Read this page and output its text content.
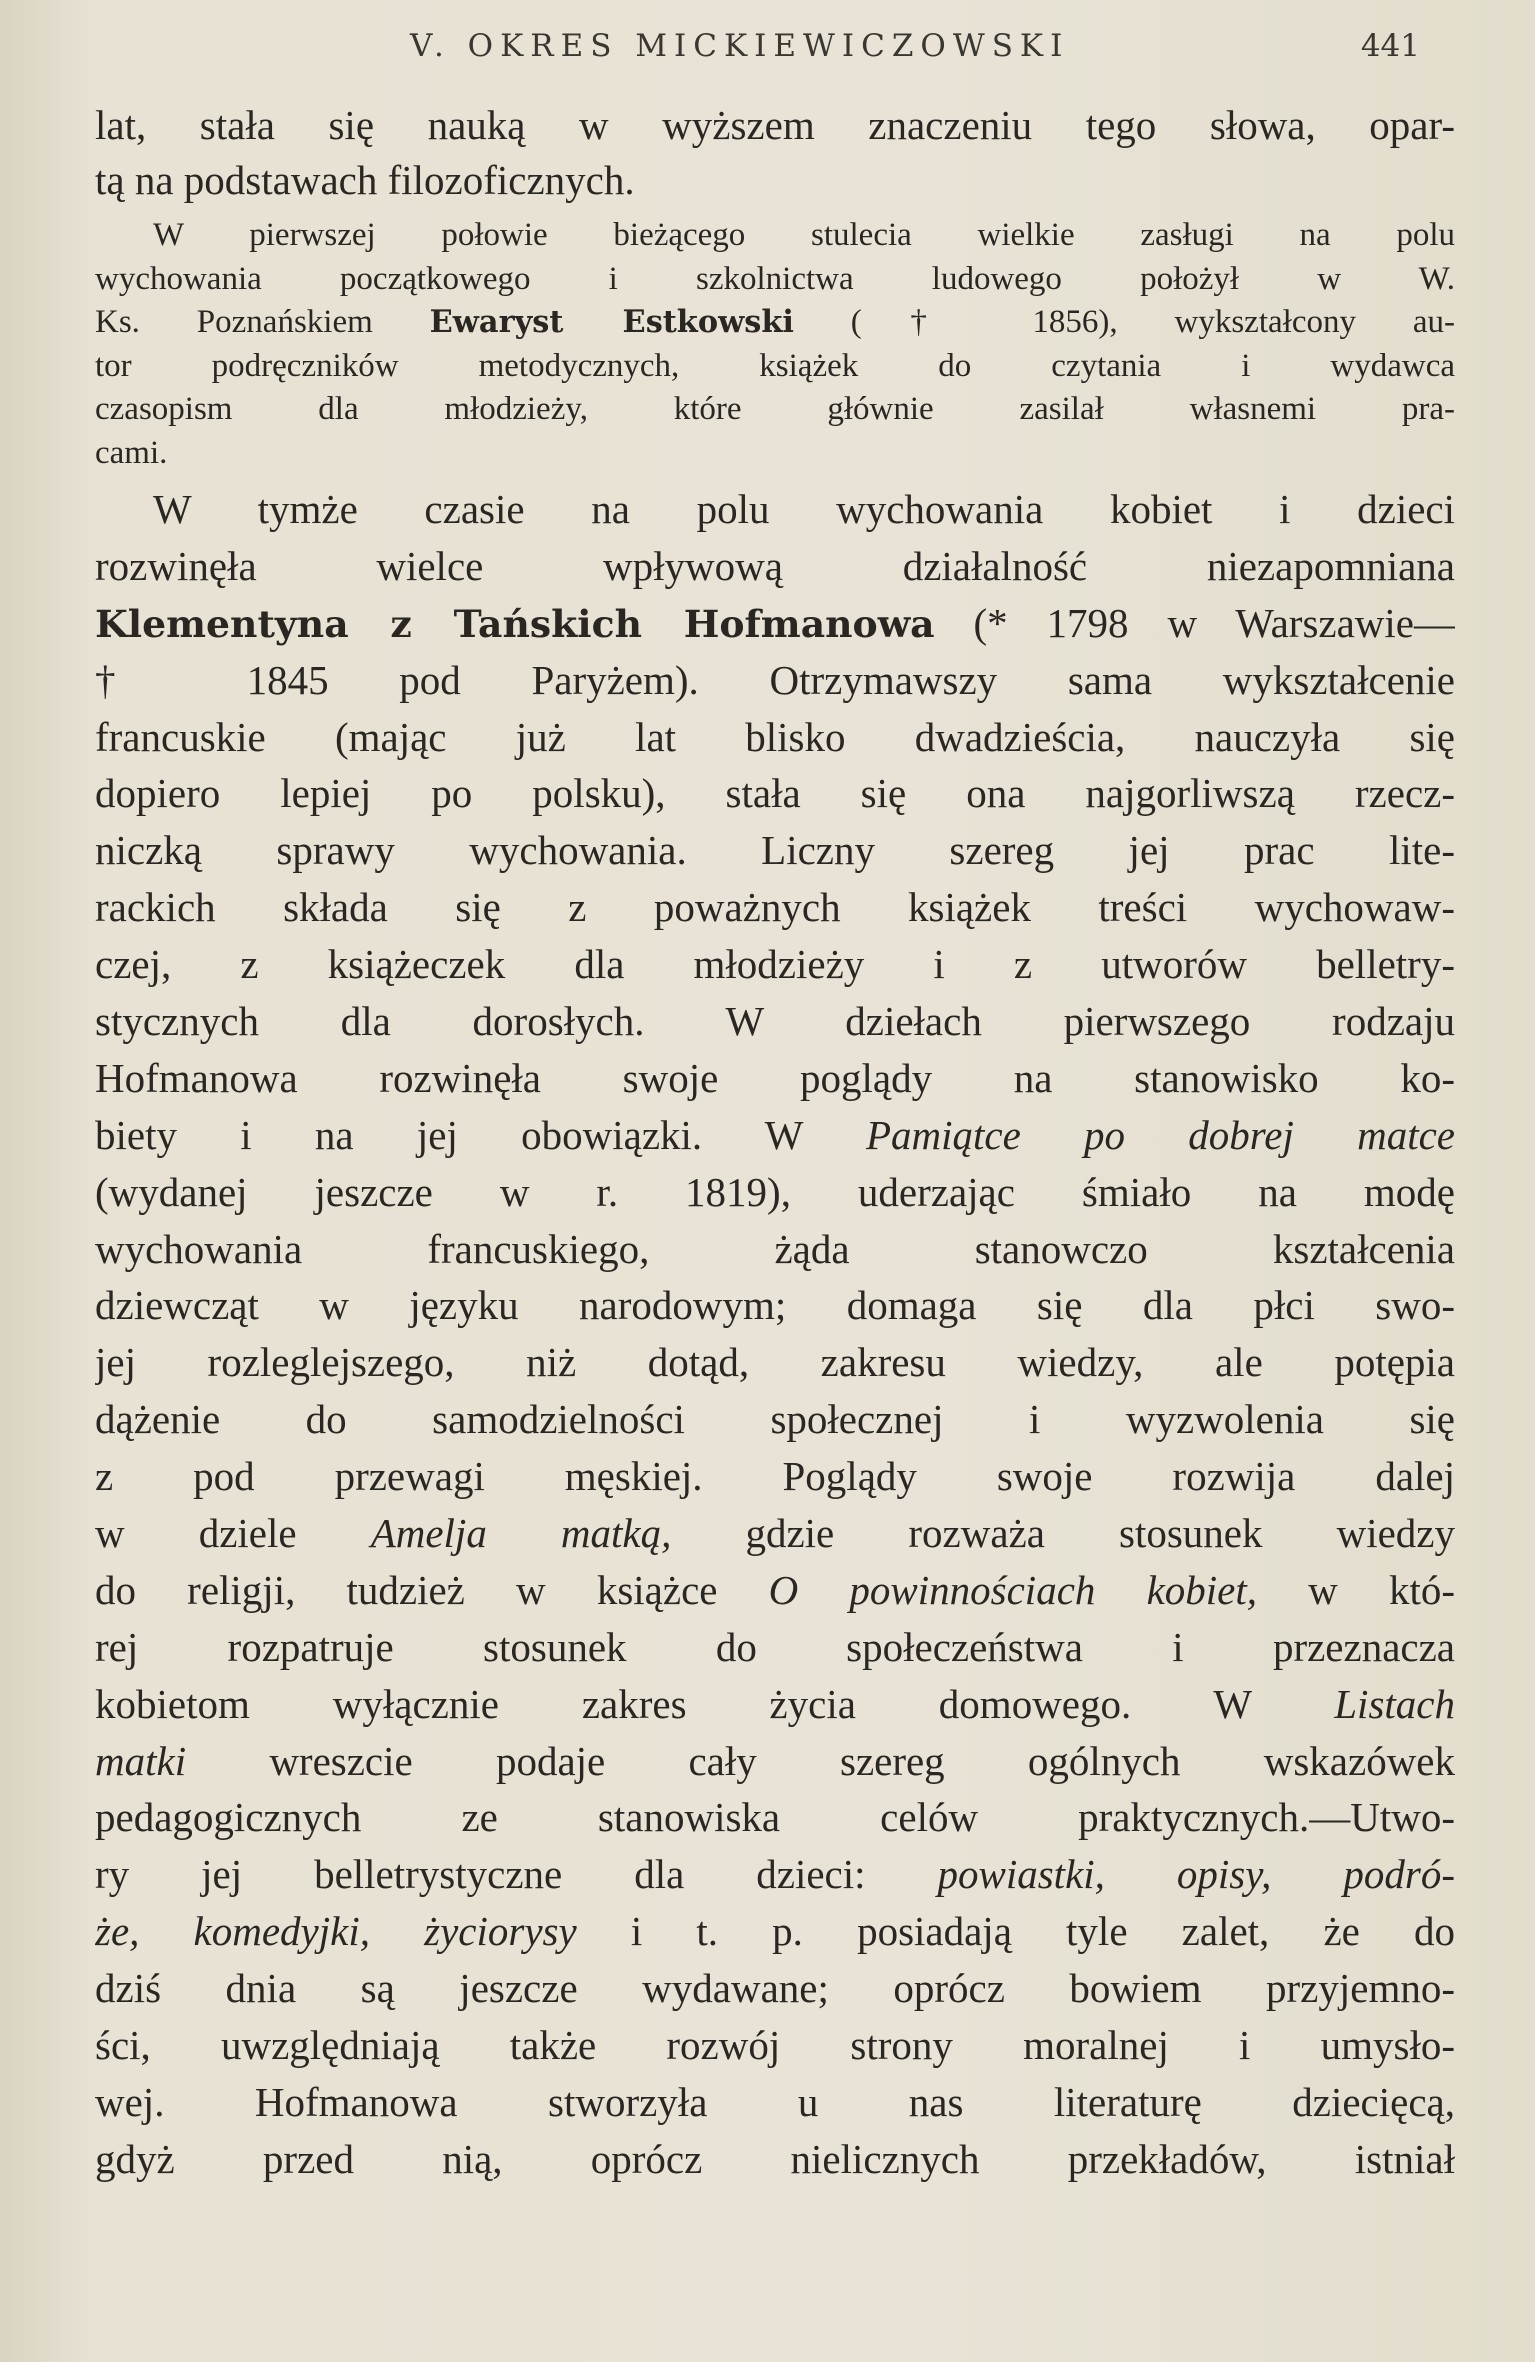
V. OKRES MICKIEWICZOWSKI	441
lat, stała się nauką w wyższem znaczeniu tego słowa, opar-
tą na podstawach filozoficznych.
W pierwszej połowie bieżącego stulecia wielkie zasługi na polu
wychowania początkowego i szkolnictwa ludowego położył w W.
Ks. Poznańskiem Ewaryst Estkowski († 1856), wykształcony au-
tor podręczników metodycznych, książek do czytania i wydawca
czasopism dla młodzieży, które głównie zasilał własnemi pra-
cami.
W tymże czasie na polu wychowania kobiet i dzieci
rozwinęła wielce wpływową działalność niezapomniana
Klementyna z Tańskich Hofmanowa (* 1798 w Warszawie—
† 1845 pod Paryżem). Otrzymawszy sama wykształcenie
francuskie (mając już lat blisko dwadzieścia, nauczyła się
dopiero lepiej po polsku), stała się ona najgorliwszą rzecz-
niczką sprawy wychowania. Liczny szereg jej prac lite-
rackich składa się z poważnych książek treści wychowaw-
czej, z książeczek dla młodzieży i z utworów belletry-
stycznych dla dorosłych. W dziełach pierwszego rodzaju
Hofmanowa rozwinęła swoje poglądy na stanowisko ko-
biety i na jej obowiązki. W Pamiątce po dobrej matce
(wydanej jeszcze w r. 1819), uderzając śmiało na modę
wychowania francuskiego, żąda stanowczo kształcenia
dziewcząt w języku narodowym; domaga się dla płci swo-
jej rozleglejszego, niż dotąd, zakresu wiedzy, ale potępia
dążenie do samodzielności społecznej i wyzwolenia się
z pod przewagi męskiej. Poglądy swoje rozwija dalej
w dziele Amelja matką, gdzie rozważa stosunek wiedzy
do religji, tudzież w książce O powinnościach kobiet, w któ-
rej rozpatruje stosunek do społeczeństwa i przeznacza
kobietom wyłącznie zakres życia domowego. W Listach
matki wreszcie podaje cały szereg ogólnych wskazówek
pedagogicznych ze stanowiska celów praktycznych.—Utwo-
ry jej belletrystyczne dla dzieci: powiastki, opisy, podró-
że, komedyjki, życiorysy i t. p. posiadają tyle zalet, że do
dziś dnia są jeszcze wydawane; oprócz bowiem przyjemno-
ści, uwzględniają także rozwój strony moralnej i umysło-
wej. Hofmanowa stworzyła u nas literaturę dziecięcą,
gdyż przed nią, oprócz nielicznych przekładów, istniał
